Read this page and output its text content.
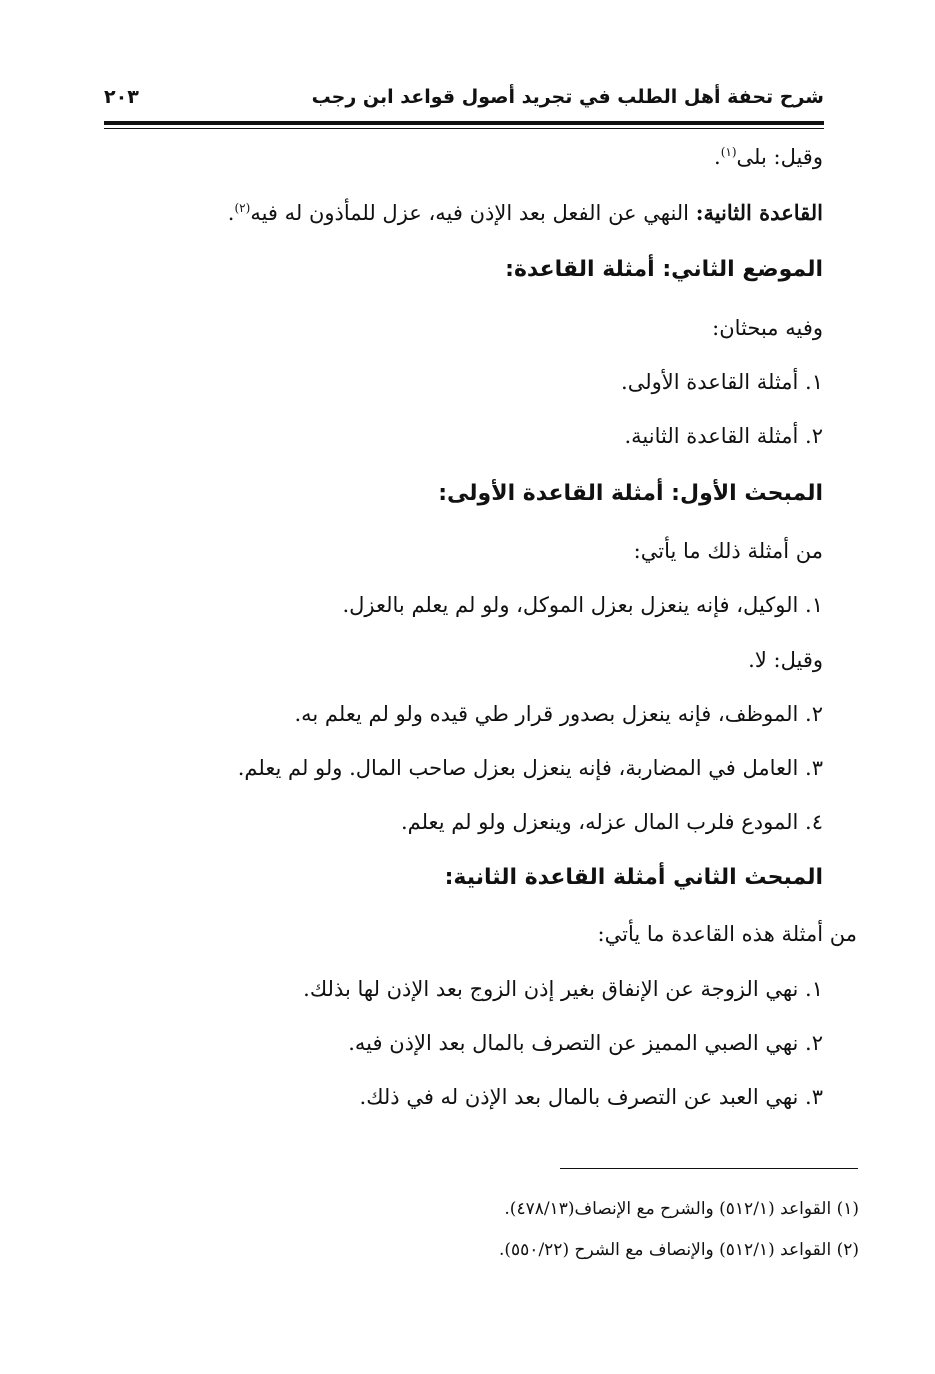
شرح تحفة أهل الطلب في تجريد أصول قواعد ابن رجب
٢٠٣
وقيل: بلى$^{(١)}$.
القاعدة الثانية: النهي عن الفعل بعد الإذن فيه، عزل للمأذون له فيه$^{(٢)}$.
الموضع الثاني: أمثلة القاعدة:
وفيه مبحثان:
١. أمثلة القاعدة الأولى.
٢. أمثلة القاعدة الثانية.
المبحث الأول: أمثلة القاعدة الأولى:
من أمثلة ذلك ما يأتي:
١. الوكيل، فإنه ينعزل بعزل الموكل، ولو لم يعلم بالعزل.
وقيل: لا.
٢. الموظف، فإنه ينعزل بصدور قرار طي قيده ولو لم يعلم به.
٣. العامل في المضاربة، فإنه ينعزل بعزل صاحب المال. ولو لم يعلم.
٤. المودع فلرب المال عزله، وينعزل ولو لم يعلم.
المبحث الثاني أمثلة القاعدة الثانية:
من أمثلة هذه القاعدة ما يأتي:
١. نهي الزوجة عن الإنفاق بغير إذن الزوج بعد الإذن لها بذلك.
٢. نهي الصبي المميز عن التصرف بالمال بعد الإذن فيه.
٣. نهي العبد عن التصرف بالمال بعد الإذن له في ذلك.
(١) القواعد (٥١٢/١) والشرح مع الإنصاف(٤٧٨/١٣).
(٢) القواعد (٥١٢/١) والإنصاف مع الشرح (٥٥٠/٢٢).
